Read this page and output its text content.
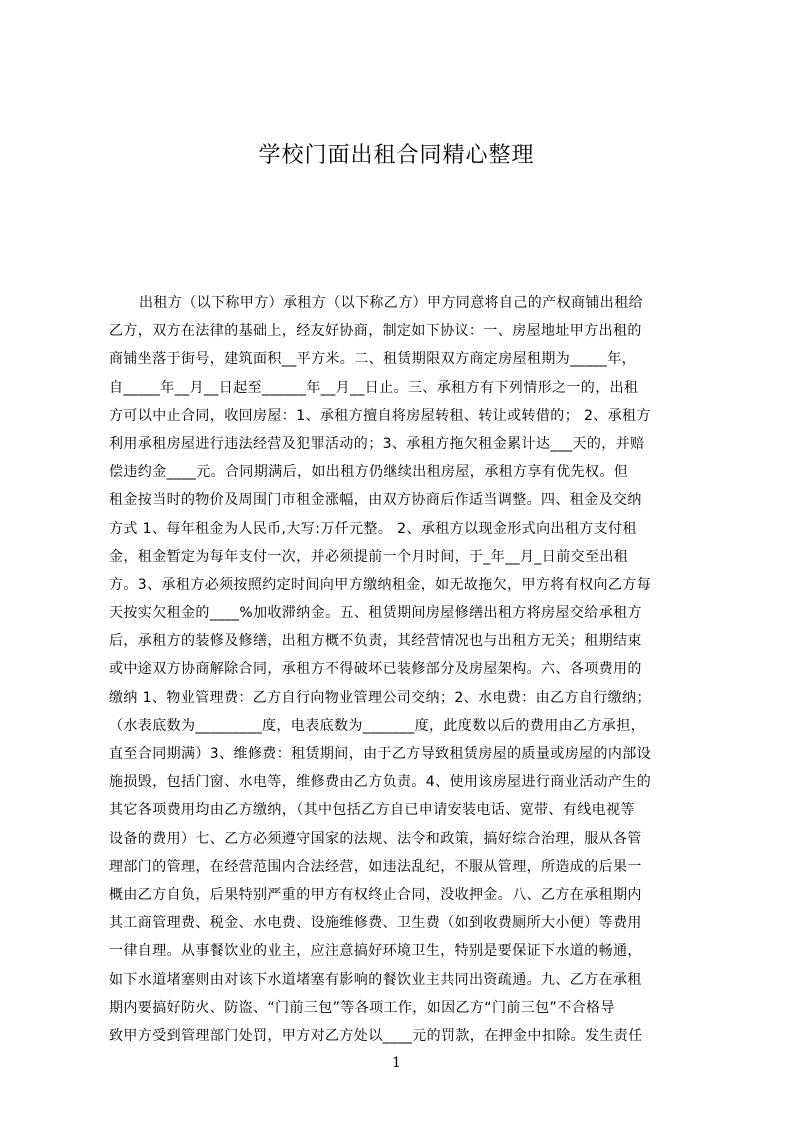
学校门面出租合同精心整理
出租方（以下称甲方）承租方（以下称乙方）甲方同意将自己的产权商铺出租给
乙方，双方在法律的基础上，经友好协商，制定如下协议：一、房屋地址甲方出租的
商铺坐落于街号，建筑面积__平方米。二、租赁期限双方商定房屋租期为_____年，
自_____年__月__日起至______年__月__日止。三、承租方有下列情形之一的，出租
方可以中止合同，收回房屋：1、承租方擅自将房屋转租、转让或转借的； 2、承租方
利用承租房屋进行违法经营及犯罪活动的；3、承租方拖欠租金累计达___天的，并赔
偿违约金____元。合同期满后，如出租方仍继续出租房屋，承租方享有优先权。但
租金按当时的物价及周围门市租金涨幅，由双方协商后作适当调整。四、租金及交纳
方式 1、每年租金为人民币,大写:万仟元整。 2、承租方以现金形式向出租方支付租
金，租金暂定为每年支付一次，并必须提前一个月时间，于_年__月_日前交至出租
方。3、承租方必须按照约定时间向甲方缴纳租金，如无故拖欠，甲方将有权向乙方每
天按实欠租金的____%加收滞纳金。五、租赁期间房屋修缮出租方将房屋交给承租方
后，承租方的装修及修缮，出租方概不负责，其经营情况也与出租方无关；租期结束
或中途双方协商解除合同，承租方不得破坏已装修部分及房屋架构。六、各项费用的
缴纳 1、物业管理费：乙方自行向物业管理公司交纳；2、水电费：由乙方自行缴纳；
（水表底数为_________度，电表底数为_______度，此度数以后的费用由乙方承担，
直至合同期满）3、维修费：租赁期间，由于乙方导致租赁房屋的质量或房屋的内部设
施损毁，包括门窗、水电等，维修费由乙方负责。4、使用该房屋进行商业活动产生的
其它各项费用均由乙方缴纳，（其中包括乙方自已申请安装电话、宽带、有线电视等
设备的费用）七、乙方必须遵守国家的法规、法令和政策，搞好综合治理，服从各管
理部门的管理，在经营范围内合法经营，如违法乱纪，不服从管理，所造成的后果一
概由乙方自负，后果特别严重的甲方有权终止合同，没收押金。八、乙方在承租期内
其工商管理费、税金、水电费、设施维修费、卫生费（如到收费厕所大小便）等费用
一律自理。从事餐饮业的业主，应注意搞好环境卫生，特别是要保证下水道的畅通，
如下水道堵塞则由对该下水道堵塞有影响的餐饮业主共同出资疏通。九、乙方在承租
期内要搞好防火、防盗、“门前三包”等各项工作，如因乙方“门前三包”不合格导
致甲方受到管理部门处罚，甲方对乙方处以____元的罚款，在押金中扣除。发生责任
1
